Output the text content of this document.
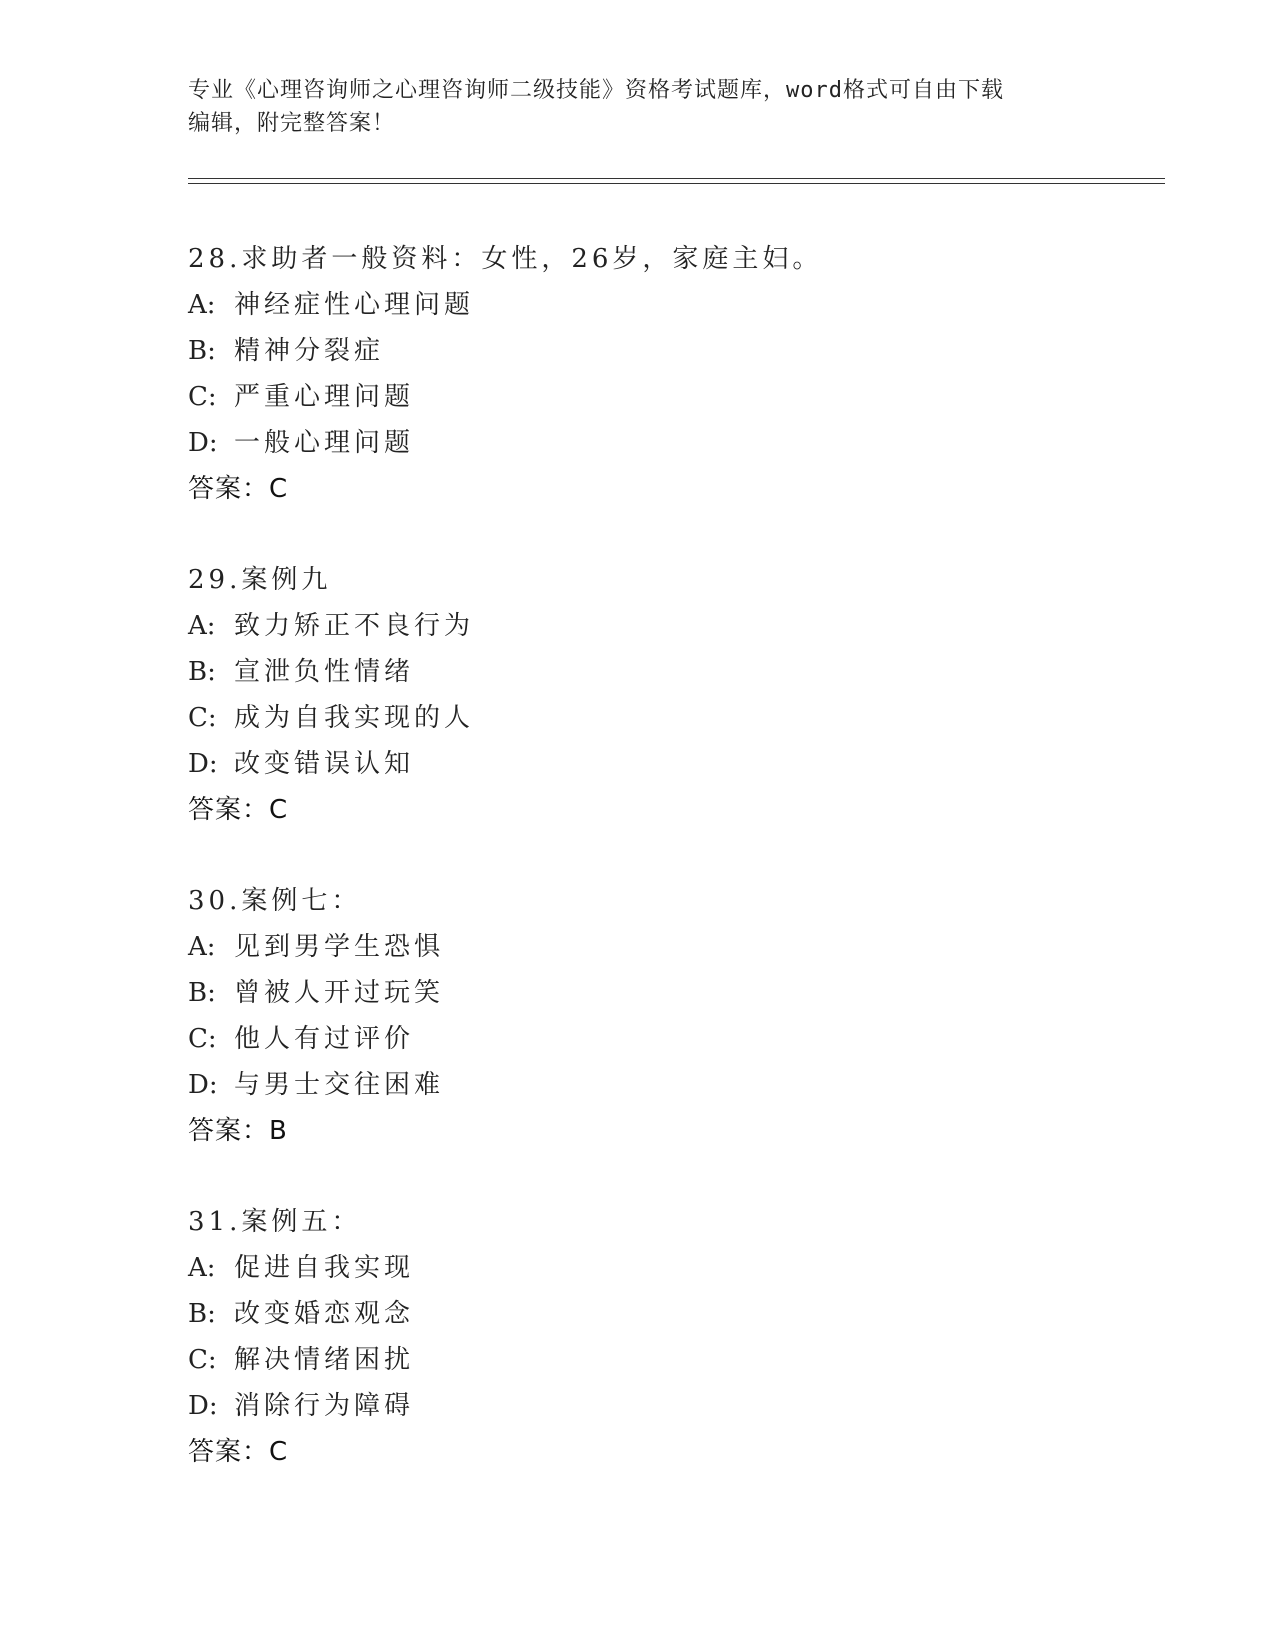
专业《心理咨询师之心理咨询师二级技能》资格考试题库，word格式可自由下载
编辑，附完整答案！
28.求助者一般资料：女性，26岁，家庭主妇。
A: 神经症性心理问题
B: 精神分裂症
C: 严重心理问题
D: 一般心理问题
答案：C
29.案例九
A: 致力矫正不良行为
B: 宣泄负性情绪
C: 成为自我实现的人
D: 改变错误认知
答案：C
30.案例七：
A: 见到男学生恐惧
B: 曾被人开过玩笑
C: 他人有过评价
D: 与男士交往困难
答案：B
31.案例五：
A: 促进自我实现
B: 改变婚恋观念
C: 解决情绪困扰
D: 消除行为障碍
答案：C
